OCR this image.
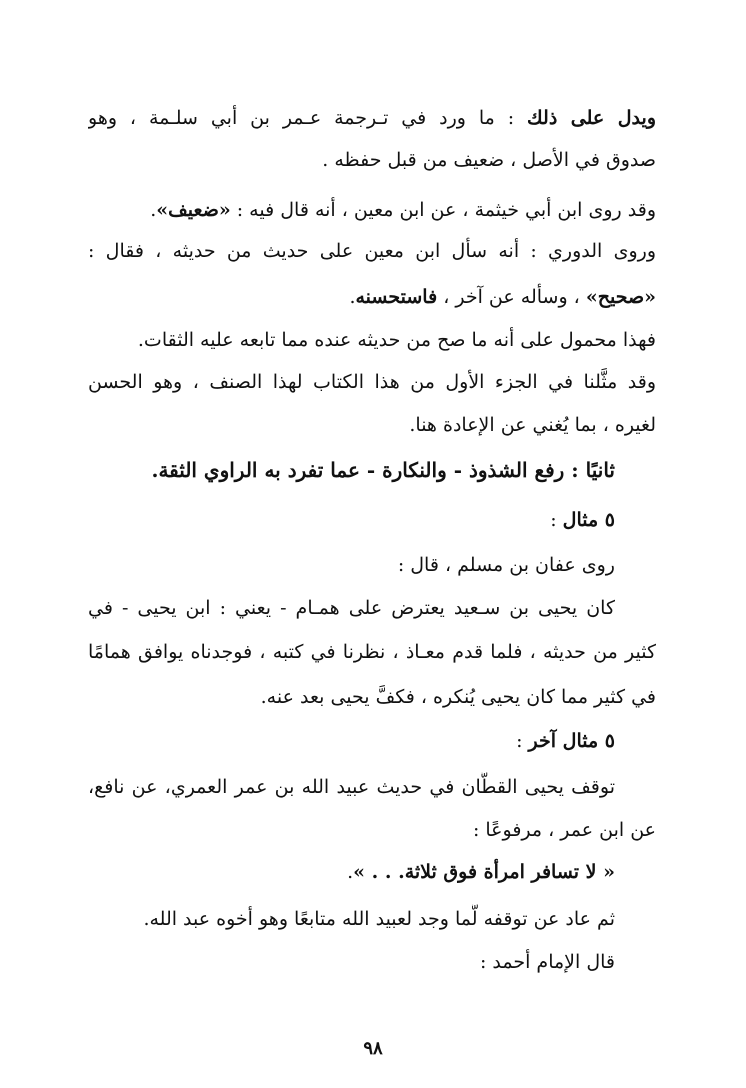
ويدل على ذلك : ما ورد في تـرجمة عـمر بن أبي سلـمة ، وهو
صدوق في الأصل ، ضعيف من قبل حفظه .
وقد روى ابن أبي خيثمة ، عن ابن معين ، أنه قال فيه : «ضعيف».
وروى الدوري : أنه سأل ابن معين على حديث من حديثه ، فقال :
«صحيح» ، وسأله عن آخر ، فاستحسنه.
فهذا محمول على أنه ما صح من حديثه عنده مما تابعه عليه الثقات.
وقد مثَّلنا في الجزء الأول من هذا الكتاب لهذا الصنف ، وهو الحسن
لغيره ، بما يُغني عن الإعادة هنا.
ثانيًا : رفع الشذوذ - والنكارة - عما تفرد به الراوي الثقة.
٥ مثال :
روى عفان بن مسلم ، قال :
كان يحيى بن سـعيد يعترض على همـام - يعني : ابن يحيى - في
كثير من حديثه ، فلما قدم معـاذ ، نظرنا في كتبه ، فوجدناه يوافق همامًا
في كثير مما كان يحيى يُنكره ، فكفَّ يحيى بعد عنه.
٥ مثال آخر :
توقف يحيى القطَّان في حديث عبيد الله بن عمر العمري، عن نافع،
عن ابن عمر ، مرفوعًا :
« لا تسافر امرأة فوق ثلاثة. . . ».
ثم عاد عن توقفه لَّما وجد لعبيد الله متابعًا وهو أخوه عبد الله.
قال الإمام أحمد :
٩٨
